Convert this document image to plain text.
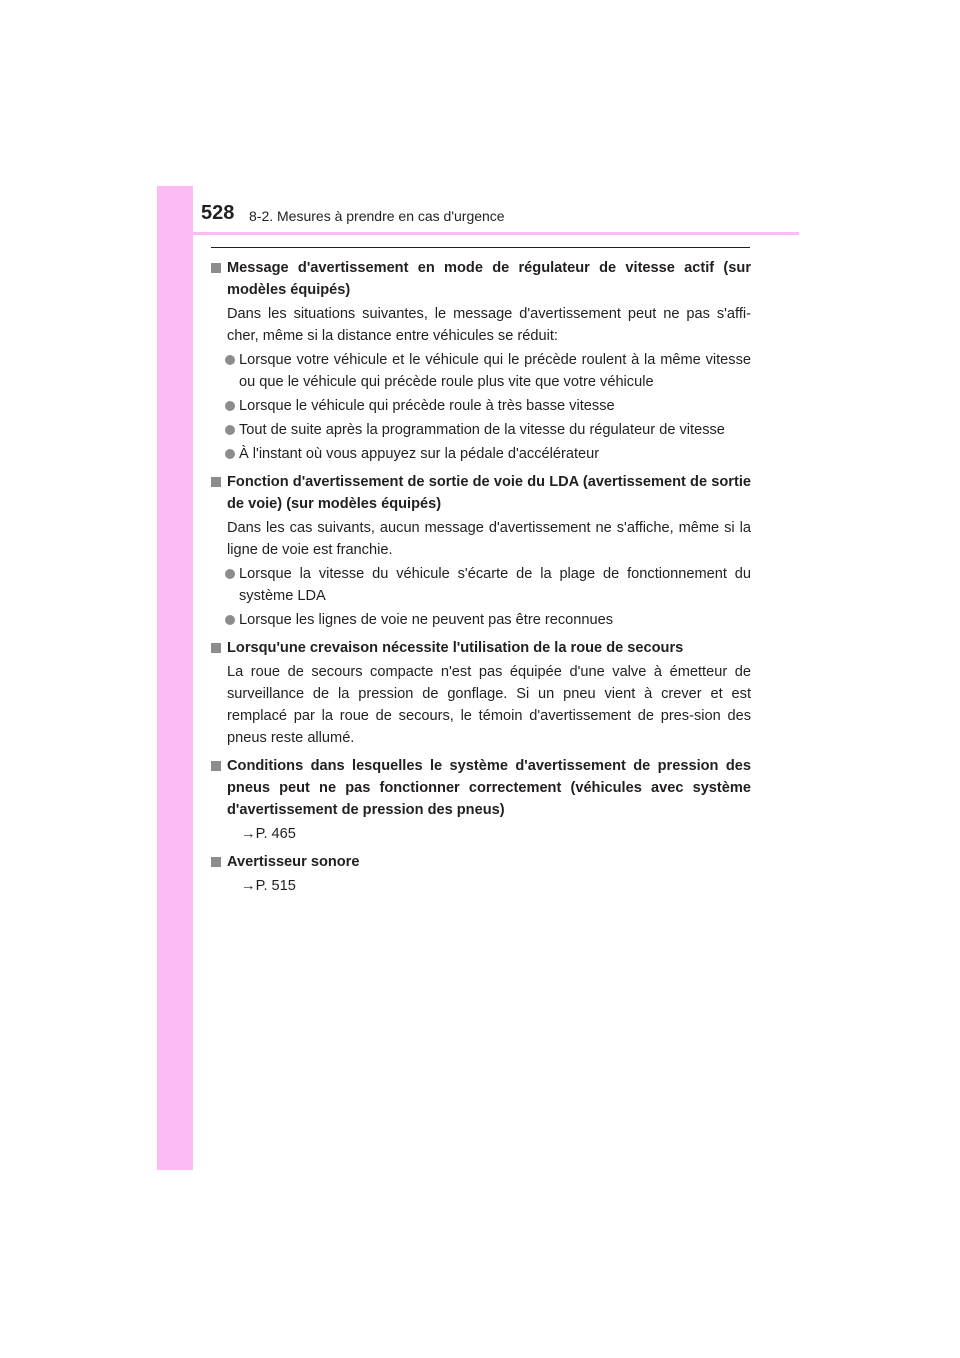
528 8-2. Mesures à prendre en cas d'urgence
Message d'avertissement en mode de régulateur de vitesse actif (sur modèles équipés)
Dans les situations suivantes, le message d'avertissement peut ne pas s'affi-cher, même si la distance entre véhicules se réduit:
Lorsque votre véhicule et le véhicule qui le précède roulent à la même vitesse ou que le véhicule qui précède roule plus vite que votre véhicule
Lorsque le véhicule qui précède roule à très basse vitesse
Tout de suite après la programmation de la vitesse du régulateur de vitesse
À l'instant où vous appuyez sur la pédale d'accélérateur
Fonction d'avertissement de sortie de voie du LDA (avertissement de sortie de voie) (sur modèles équipés)
Dans les cas suivants, aucun message d'avertissement ne s'affiche, même si la ligne de voie est franchie.
Lorsque la vitesse du véhicule s'écarte de la plage de fonctionnement du système LDA
Lorsque les lignes de voie ne peuvent pas être reconnues
Lorsqu'une crevaison nécessite l'utilisation de la roue de secours
La roue de secours compacte n'est pas équipée d'une valve à émetteur de surveillance de la pression de gonflage. Si un pneu vient à crever et est remplacé par la roue de secours, le témoin d'avertissement de pres-sion des pneus reste allumé.
Conditions dans lesquelles le système d'avertissement de pression des pneus peut ne pas fonctionner correctement (véhicules avec système d'avertissement de pression des pneus)
→P. 465
Avertisseur sonore
→P. 515
